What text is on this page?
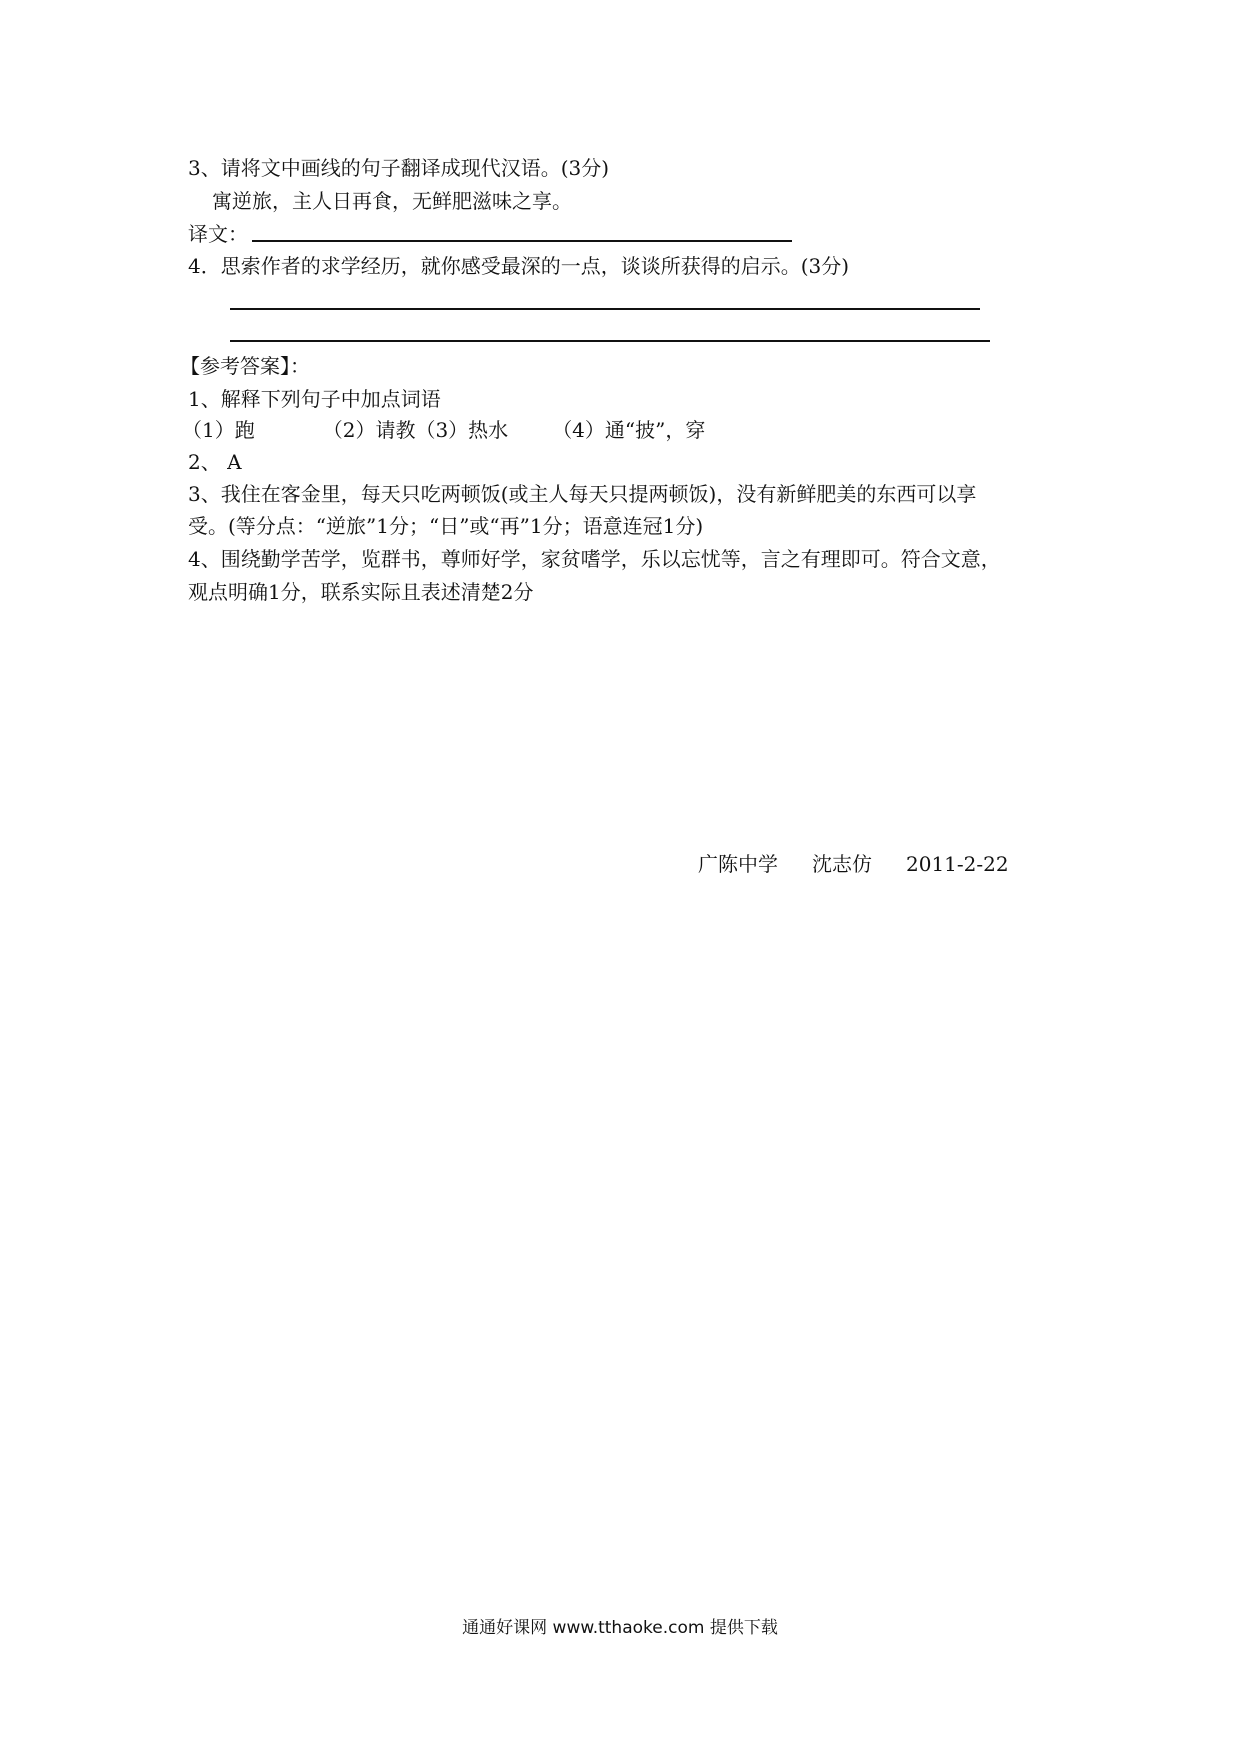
3、请将文中画线的句子翻译成现代汉语。(3分)
寓逆旅，主人日再食，无鲜肥滋味之享。
译文：
4．思索作者的求学经历，就你感受最深的一点，谈谈所获得的启示。(3分)
【参考答案】：
1、解释下列句子中加点词语
（1）跑	（2）请教（3）热水 （4）通“披”，穿
2、 A
3、我住在客金里，每天只吃两顿饭(或主人每天只提两顿饭)，没有新鲜肥美的东西可以享
受。(等分点：“逆旅”1分；“日”或“再”1分；语意连冠1分)
4、围绕勤学苦学，览群书，尊师好学，家贫嗜学，乐以忘忧等，言之有理即可。符合文意，
观点明确1分，联系实际且表述清楚2分
广陈中学 沈志仿 2011-2-22
通通好课网 www.tthaoke.com 提供下载
